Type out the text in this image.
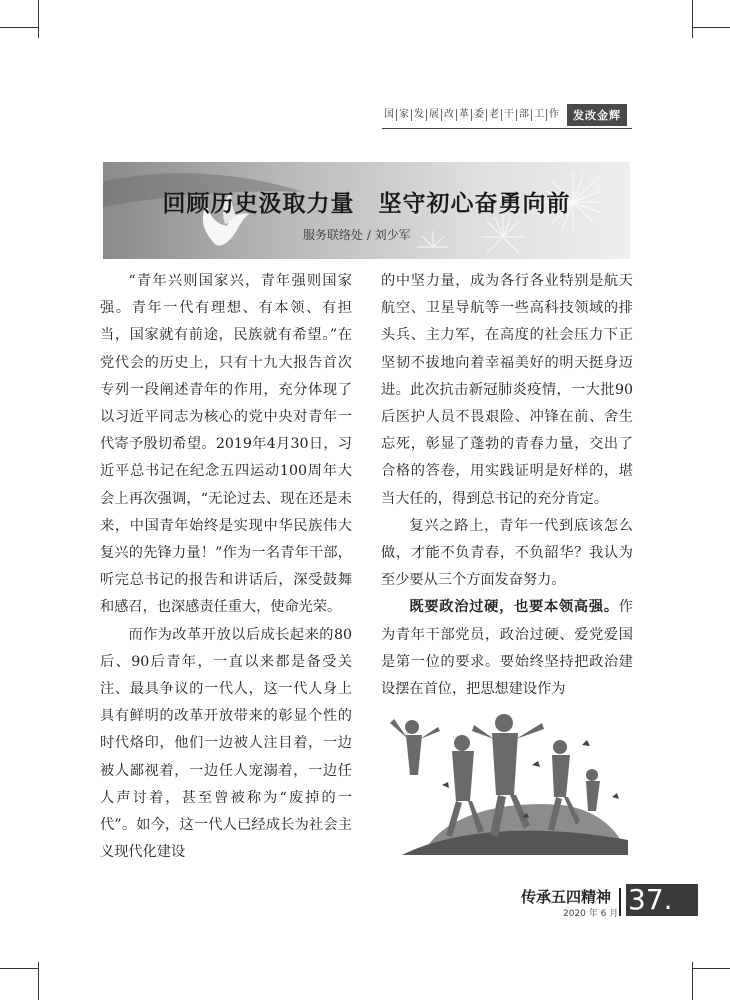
国 家 发 展 改 革 委 老 干 部 工 作	发改金辉
回顾历史汲取力量　坚守初心奋勇向前
服务联络处 / 刘少军

“青年兴则国家兴，青年强则国家强。青年一代有理想、有本领、有担当，国家就有前途，民族就有希望。”在党代会的历史上，只有十九大报告首次专列一段阐述青年的作用，充分体现了以习近平同志为核心的党中央对青年一代寄予殷切希望。2019年4月30日，习近平总书记在纪念五四运动100周年大会上再次强调，“无论过去、现在还是未来，中国青年始终是实现中华民族伟大复兴的先锋力量！”作为一名青年干部，听完总书记的报告和讲话后，深受鼓舞和感召，也深感责任重大，使命光荣。

而作为改革开放以后成长起来的80后、90后青年，一直以来都是备受关注、最具争议的一代人，这一代人身上具有鲜明的改革开放带来的彰显个性的时代烙印，他们一边被人注目着，一边被人鄙视着，一边任人宠溺着，一边任人声讨着，甚至曾被称为“废掉的一代”。如今，这一代人已经成长为社会主义现代化建设

的中坚力量，成为各行各业特别是航天航空、卫星导航等一些高科技领域的排头兵、主力军，在高度的社会压力下正坚韧不拔地向着幸福美好的明天挺身迈进。此次抗击新冠肺炎疫情，一大批90后医护人员不畏艰险、冲锋在前、舍生忘死，彰显了蓬勃的青春力量，交出了合格的答卷，用实践证明是好样的，堪当大任的，得到总书记的充分肯定。

复兴之路上，青年一代到底该怎么做，才能不负青春，不负韶华？我认为至少要从三个方面发奋努力。

既要政治过硬，也要本领高强。作为青年干部党员，政治过硬、爱党爱国是第一位的要求。要始终坚持把政治建设摆在首位，把思想建设作为

传承五四精神
2020 年 6 月 37.
